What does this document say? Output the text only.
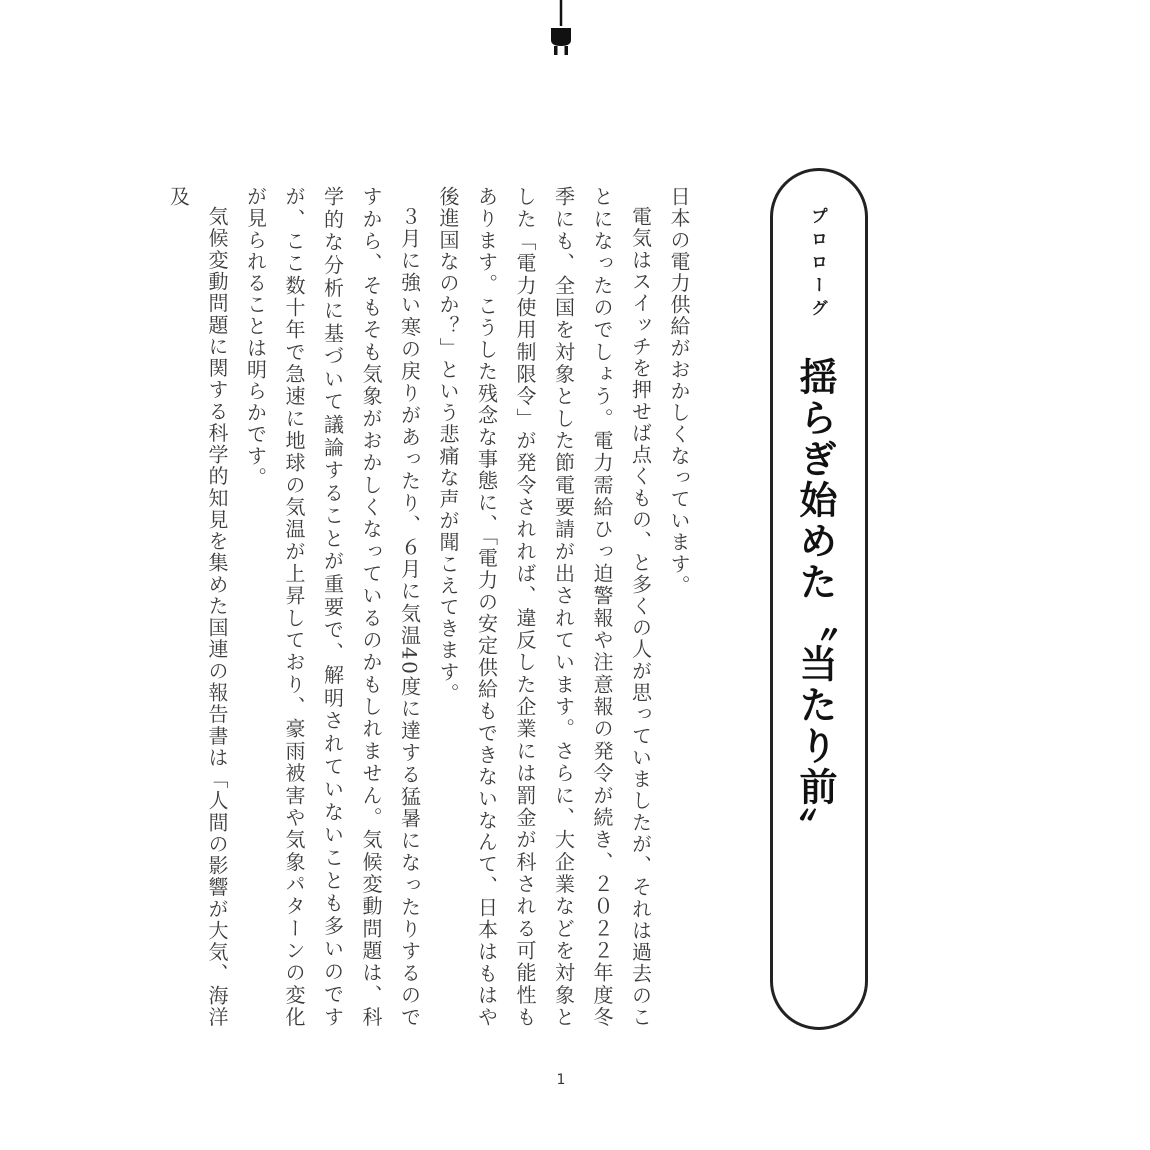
プロローグ
揺らぎ始めた〝当たり前〟

日本の電力供給がおかしくなっています。

電気はスイッチを押せば点くもの、と多くの人が思っていましたが、それは過去のことになったのでしょう。電力需給ひっ迫警報や注意報の発令が続き、２０２２年度冬季にも、全国を対象とした節電要請が出されています。さらに、大企業などを対象とした「電力使用制限令」が発令されれば、違反した企業には罰金が科される可能性もあります。こうした残念な事態に、「電力の安定供給もできないなんて、日本はもはや後進国なのか？」という悲痛な声が聞こえてきます。

３月に強い寒の戻りがあったり、６月に気温40度に達する猛暑になったりするのですから、そもそも気象がおかしくなっているのかもしれません。気候変動問題は、科学的な分析に基づいて議論することが重要で、解明されていないことも多いのですが、ここ数十年で急速に地球の気温が上昇しており、豪雨被害や気象パターンの変化が見られることは明らかです。

気候変動問題に関する科学的知見を集めた国連の報告書は「人間の影響が大気、海洋及

1
